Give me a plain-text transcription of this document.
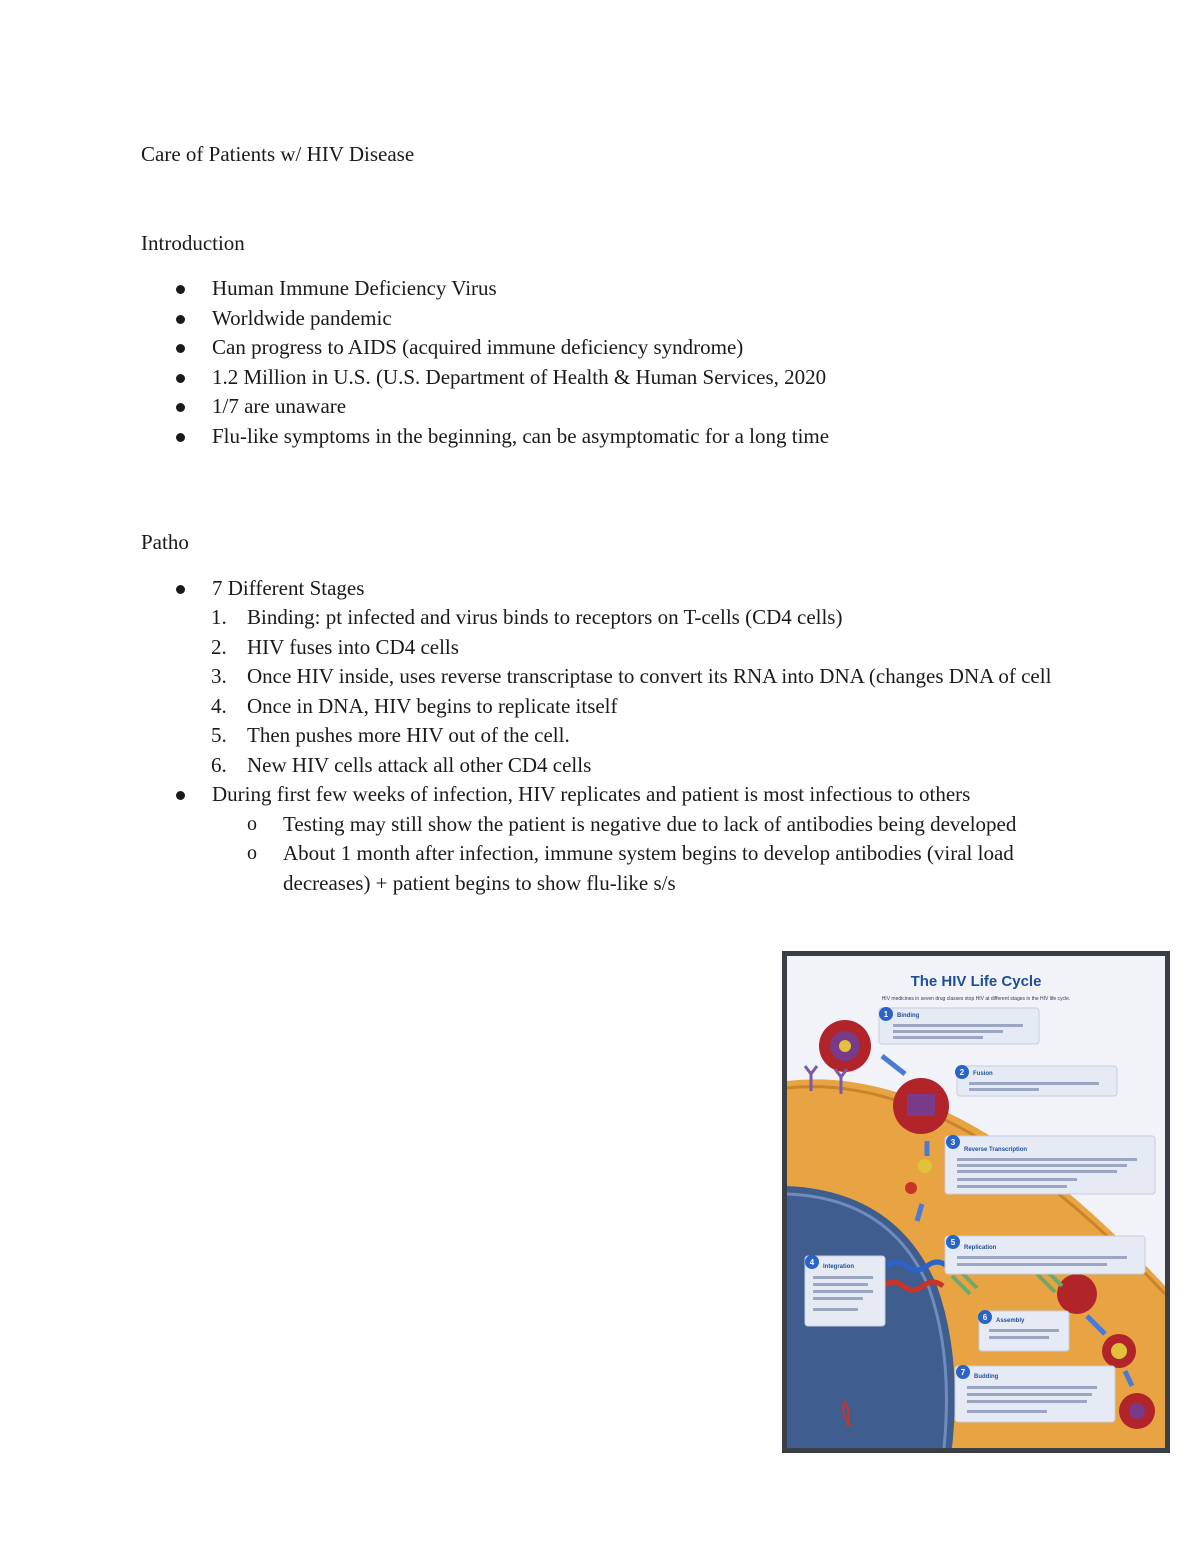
Care of Patients w/ HIV Disease

Introduction

Human Immune Deficiency Virus
Worldwide pandemic
Can progress to AIDS (acquired immune deficiency syndrome)
1.2 Million in U.S. (U.S. Department of Health & Human Services, 2020
1/7 are unaware
Flu-like symptoms in the beginning, can be asymptomatic for a long time

Patho

7 Different Stages
1. Binding: pt infected and virus binds to receptors on T-cells (CD4 cells)
2. HIV fuses into CD4 cells
3. Once HIV inside, uses reverse transcriptase to convert its RNA into DNA (changes DNA of cell
4. Once in DNA, HIV begins to replicate itself
5. Then pushes more HIV out of the cell.
6. New HIV cells attack all other CD4 cells
During first few weeks of infection, HIV replicates and patient is most infectious to others
o Testing may still show the patient is negative due to lack of antibodies being developed
o About 1 month after infection, immune system begins to develop antibodies (viral load decreases) + patient begins to show flu-like s/s
The HIV Life Cycle
HIV medicines in seven drug classes stop HIV at different stages in the HIV life cycle.
1 Binding
2 Fusion
3
Reverse Transcription
5
Replication
4 Integration
6 Assembly
7 Budding
